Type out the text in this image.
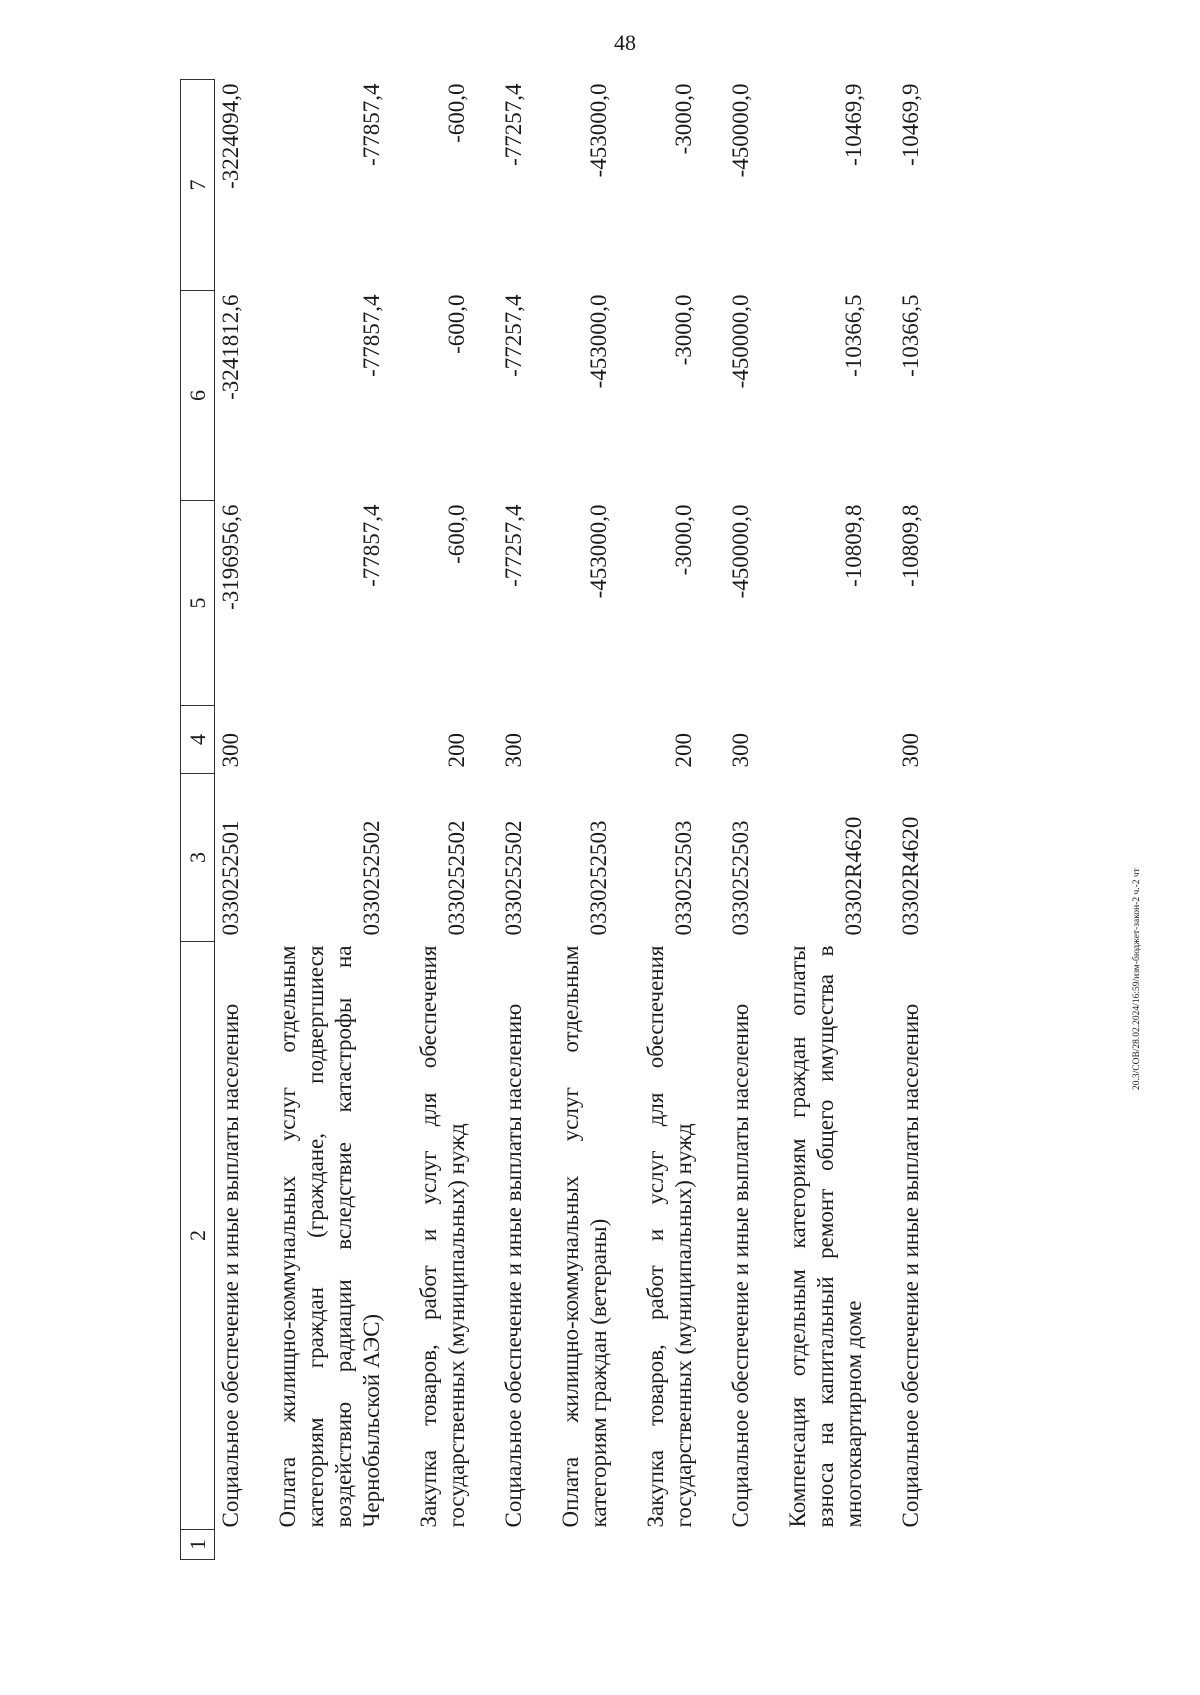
48
1	2	3	4	5	6	7
	Социальное обеспечение и иные выплаты населению	0330252501	300	-3196956,6	-3241812,6	-3224094,0
	Оплата жилищно-коммунальных услуг отдельным категориям граждан (граждане, подвергшиеся воздействию радиации вследствие катастрофы на Чернобыльской АЭС)	0330252502		-77857,4	-77857,4	-77857,4
	Закупка товаров, работ и услуг для обеспечения государственных (муниципальных) нужд	0330252502	200	-600,0	-600,0	-600,0
	Социальное обеспечение и иные выплаты населению	0330252502	300	-77257,4	-77257,4	-77257,4
	Оплата жилищно-коммунальных услуг отдельным категориям граждан (ветераны)	0330252503		-453000,0	-453000,0	-453000,0
	Закупка товаров, работ и услуг для обеспечения государственных (муниципальных) нужд	0330252503	200	-3000,0	-3000,0	-3000,0
	Социальное обеспечение и иные выплаты населению	0330252503	300	-450000,0	-450000,0	-450000,0
	Компенсация отдельным категориям граждан оплаты взноса на капитальный ремонт общего имущества в многоквартирном доме	03302R4620		-10809,8	-10366,5	-10469,9
	Социальное обеспечение и иные выплаты населению	03302R4620	300	-10809,8	-10366,5	-10469,9
20.3/СОВ/28.02.2024/16:59/изм-бюджет-закон-2 ч.-2 чт
